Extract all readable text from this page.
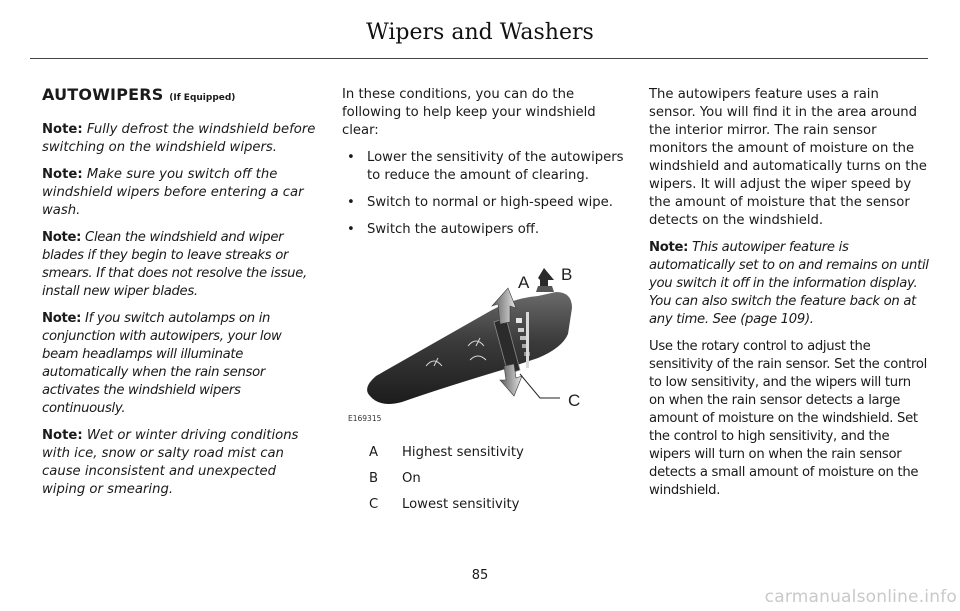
Wipers and Washers
AUTOWIPERS (If Equipped)

Note: Fully defrost the windshield before switching on the windshield wipers.

Note: Make sure you switch off the windshield wipers before entering a car wash.

Note: Clean the windshield and wiper blades if they begin to leave streaks or smears. If that does not resolve the issue, install new wiper blades.

Note: If you switch autolamps on in conjunction with autowipers, your low beam headlamps will illuminate automatically when the rain sensor activates the windshield wipers continuously.

Note: Wet or winter driving conditions with ice, snow or salty road mist can cause inconsistent and unexpected wiping or smearing.

In these conditions, you can do the following to help keep your windshield clear:

• Lower the sensitivity of the autowipers to reduce the amount of clearing.
• Switch to normal or high-speed wipe.
• Switch the autowipers off.
A B
C
E169315
A	Highest sensitivity
B	On
C	Lowest sensitivity

The autowipers feature uses a rain sensor. You will find it in the area around the interior mirror. The rain sensor monitors the amount of moisture on the windshield and automatically turns on the wipers. It will adjust the wiper speed by the amount of moisture that the sensor detects on the windshield.

Note: This autowiper feature is automatically set to on and remains on until you switch it off in the information display. You can also switch the feature back on at any time. See (page 109).

Use the rotary control to adjust the sensitivity of the rain sensor. Set the control to low sensitivity, and the wipers will turn on when the rain sensor detects a large amount of moisture on the windshield. Set the control to high sensitivity, and the wipers will turn on when the rain sensor detects a small amount of moisture on the windshield.

85
carmanualsonline.info
